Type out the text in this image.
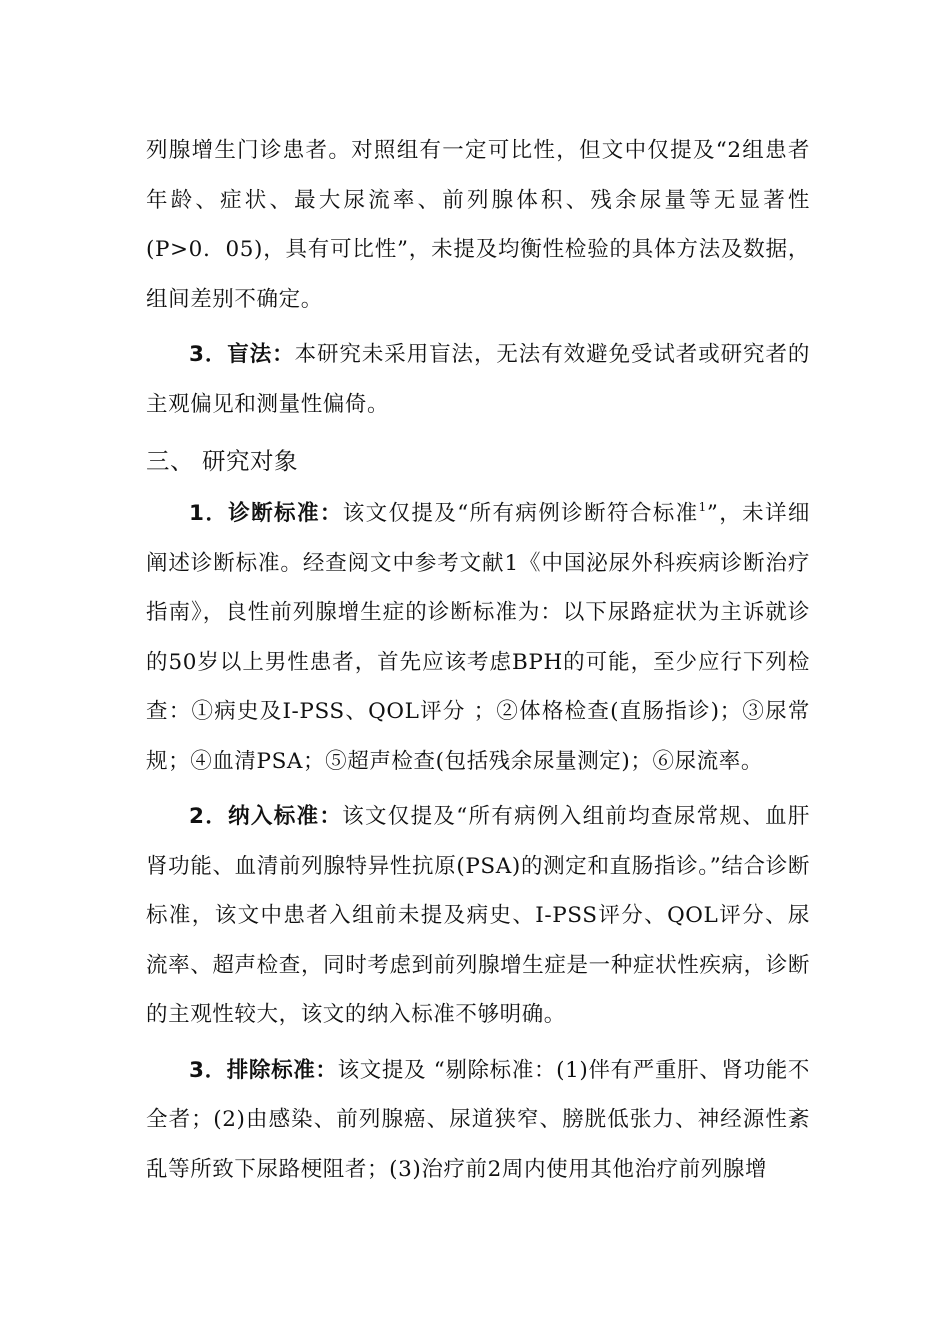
列腺增生门诊患者。对照组有一定可比性，但文中仅提及“2组患者年龄、症状、最大尿流率、前列腺体积、残余尿量等无显著性(P>0．05)，具有可比性”，未提及均衡性检验的具体方法及数据，组间差别不确定。

3．盲法：本研究未采用盲法，无法有效避免受试者或研究者的主观偏见和测量性偏倚。

三、 研究对象

1．诊断标准：该文仅提及“所有病例诊断符合标准$^1$”，未详细阐述诊断标准。经查阅文中参考文献1《中国泌尿外科疾病诊断治疗指南》，良性前列腺增生症的诊断标准为：以下尿路症状为主诉就诊的50岁以上男性患者，首先应该考虑BPH的可能，至少应行下列检查：①病史及I-PSS、QOL评分 ；②体格检查(直肠指诊)；③尿常规；④血清PSA；⑤超声检查(包括残余尿量测定)；⑥尿流率。

2．纳入标准：该文仅提及“所有病例入组前均查尿常规、血肝肾功能、血清前列腺特异性抗原(PSA)的测定和直肠指诊。”结合诊断标准，该文中患者入组前未提及病史、I-PSS评分、QOL评分、尿流率、超声检查，同时考虑到前列腺增生症是一种症状性疾病，诊断的主观性较大，该文的纳入标准不够明确。

3．排除标准：该文提及 “剔除标准：(1)伴有严重肝、肾功能不全者；(2)由感染、前列腺癌、尿道狭窄、膀胱低张力、神经源性紊乱等所致下尿路梗阻者；(3)治疗前2周内使用其他治疗前列腺增
